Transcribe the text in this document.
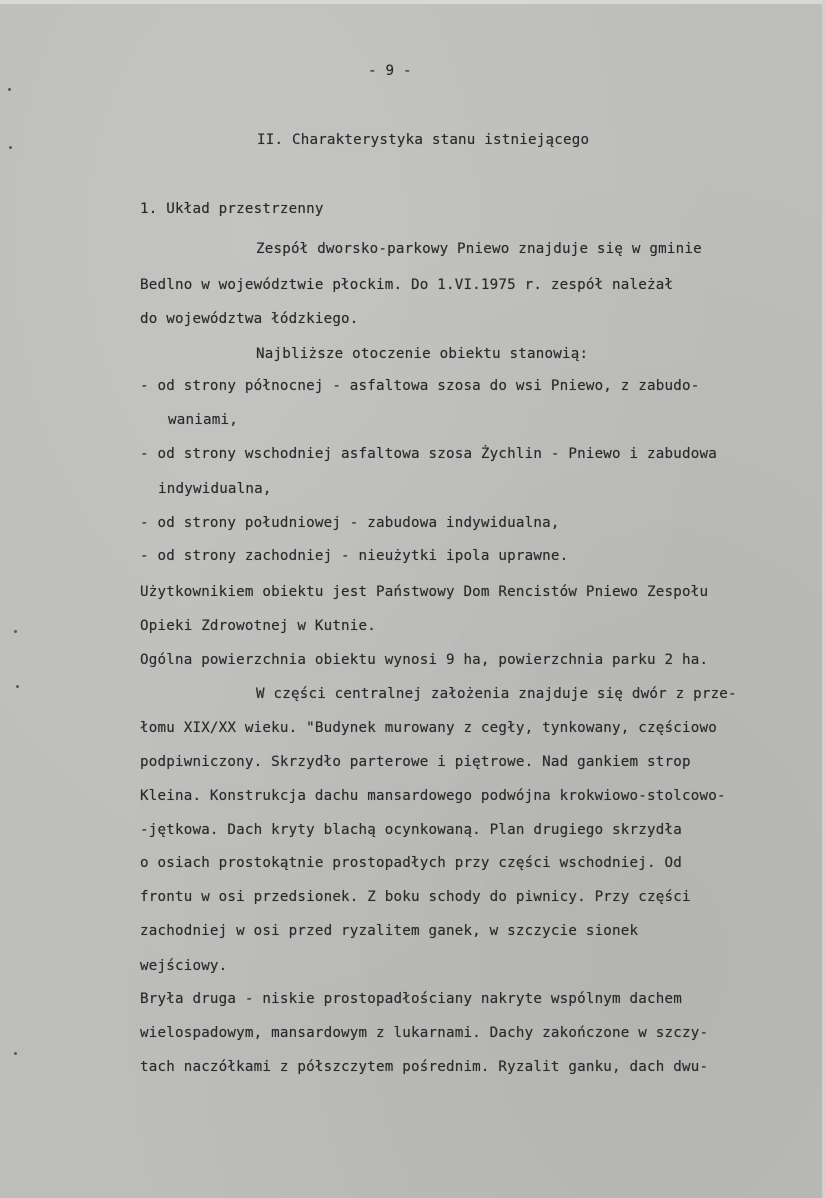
- 9 -

II. Charakterystyka stanu istniejącego

1. Układ przestrzenny

Zespół dworsko-parkowy Pniewo znajduje się w gminie

Bedlno w województwie płockim. Do 1.VI.1975 r. zespół należał

do województwa łódzkiego.

Najbliższe otoczenie obiektu stanowią:

- od strony północnej - asfaltowa szosa do wsi Pniewo, z zabudo-

waniami,

- od strony wschodniej asfaltowa szosa Żychlin - Pniewo i zabudowa

indywidualna,

- od strony południowej - zabudowa indywidualna,

- od strony zachodniej - nieużytki ipola uprawne.

Użytkownikiem obiektu jest Państwowy Dom Rencistów Pniewo Zespołu

Opieki Zdrowotnej w Kutnie.

Ogólna powierzchnia obiektu wynosi 9 ha, powierzchnia parku 2 ha.

W części centralnej założenia znajduje się dwór z prze-

łomu XIX/XX wieku. "Budynek murowany z cegły, tynkowany, częściowo

podpiwniczony. Skrzydło parterowe i piętrowe. Nad gankiem strop

Kleina. Konstrukcja dachu mansardowego podwójna krokwiowo-stolcowo-

-jętkowa. Dach kryty blachą ocynkowaną. Plan drugiego skrzydła

o osiach prostokątnie prostopadłych przy części wschodniej. Od

frontu w osi przedsionek. Z boku schody do piwnicy. Przy części

zachodniej w osi przed ryzalitem ganek, w szczycie sionek

wejściowy.

Bryła druga - niskie prostopadłościany nakryte wspólnym dachem

wielospadowym, mansardowym z lukarnami. Dachy zakończone w szczy-

tach naczółkami z półszczytem pośrednim. Ryzalit ganku, dach dwu-
